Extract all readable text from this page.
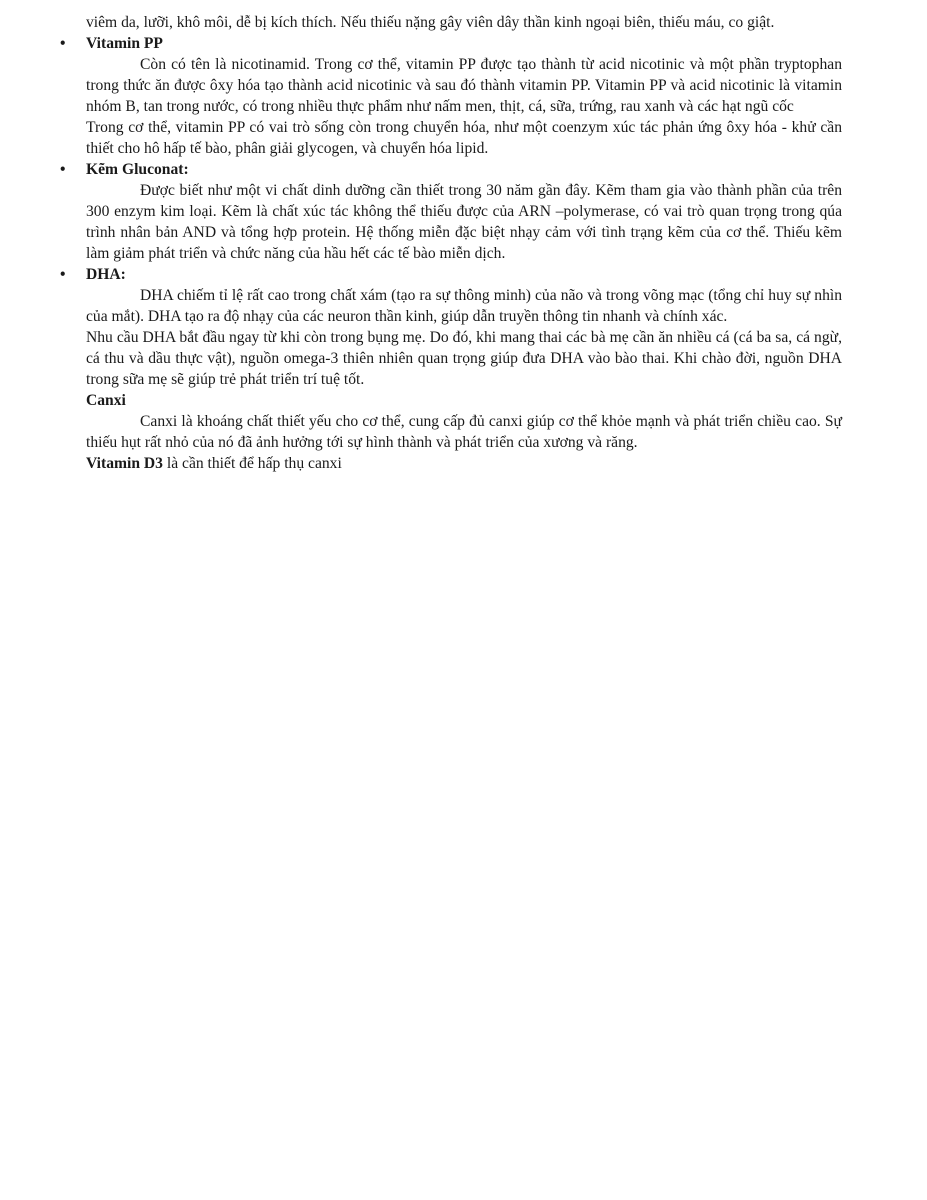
viêm da, lưỡi, khô môi, dễ bị kích thích. Nếu thiếu nặng gây viên dây thần kinh ngoại biên, thiếu máu, co giật.

• Vitamin PP

Còn có tên là nicotinamid. Trong cơ thể, vitamin PP được tạo thành từ acid nicotinic và một phần tryptophan trong thức ăn được ôxy hóa tạo thành acid nicotinic và sau đó thành vitamin PP. Vitamin PP và acid nicotinic là vitamin nhóm B, tan trong nước, có trong nhiều thực phẩm như nấm men, thịt, cá, sữa, trứng, rau xanh và các hạt ngũ cốc

Trong cơ thể, vitamin PP có vai trò sống còn trong chuyển hóa, như một coenzym xúc tác phản ứng ôxy hóa - khử cần thiết cho hô hấp tế bào, phân giải glycogen, và chuyển hóa lipid.

• Kẽm Gluconat:

Được biết như một vi chất dinh dưỡng cần thiết trong 30 năm gần đây. Kẽm tham gia vào thành phần của trên 300 enzym kim loại. Kẽm là chất xúc tác không thể thiếu được của ARN –polymerase, có vai trò quan trọng trong qúa trình nhân bản AND và tổng hợp protein. Hệ thống miễn đặc biệt nhạy cảm với tình trạng kẽm của cơ thể. Thiếu kẽm làm giảm phát triển và chức năng của hầu hết các tế bào miễn dịch.

• DHA:

DHA chiếm tỉ lệ rất cao trong chất xám (tạo ra sự thông minh) của não và trong võng mạc (tổng chỉ huy sự nhìn của mắt). DHA tạo ra độ nhạy của các neuron thần kinh, giúp dẫn truyền thông tin nhanh và chính xác.

Nhu cầu DHA bắt đầu ngay từ khi còn trong bụng mẹ. Do đó, khi mang thai các bà mẹ cần ăn nhiều cá (cá ba sa, cá ngừ, cá thu và dầu thực vật), nguồn omega-3 thiên nhiên quan trọng giúp đưa DHA vào bào thai. Khi chào đời, nguồn DHA trong sữa mẹ sẽ giúp trẻ phát triển trí tuệ tốt.

Canxi

Canxi là khoáng chất thiết yếu cho cơ thể, cung cấp đủ canxi giúp cơ thể khỏe mạnh và phát triển chiều cao. Sự thiếu hụt rất nhỏ của nó đã ảnh hưởng tới sự hình thành và phát triển của xương và răng.

Vitamin D3 là cần thiết để hấp thụ canxi
